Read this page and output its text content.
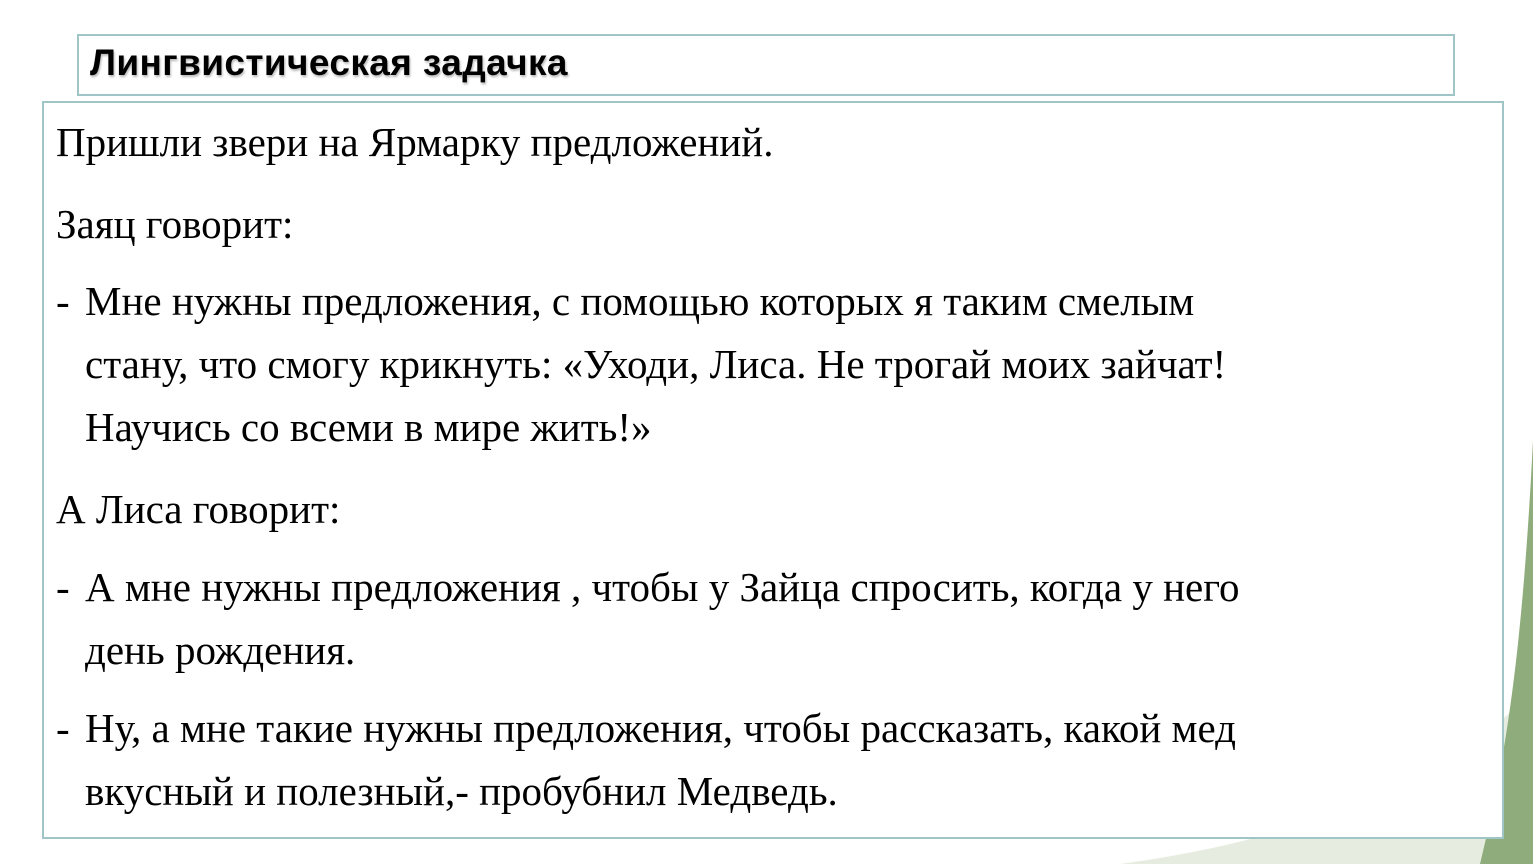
Лингвистическая задачка

Пришли звери на Ярмарку предложений.

Заяц говорит:

- Мне нужны предложения, с помощью которых я таким смелым
стану, что смогу крикнуть: «Уходи, Лиса. Не трогай моих зайчат!
Научись со всеми в мире жить!»

А Лиса говорит:

- А мне нужны предложения , чтобы у Зайца спросить, когда у него
день рождения.
- Ну, а мне такие нужны предложения, чтобы рассказать, какой мед
вкусный и полезный,- пробубнил Медведь.
